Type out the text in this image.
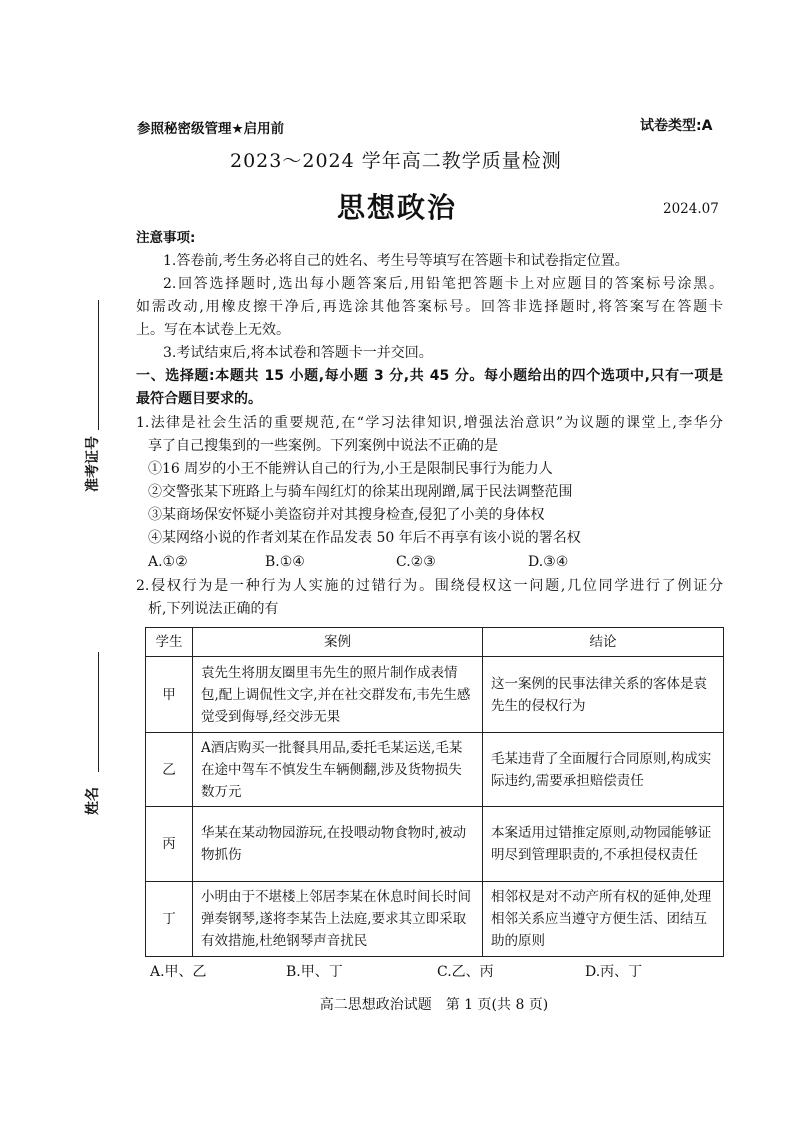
参照秘密级管理★启用前	试卷类型:A
2023～2024 学年高二教学质量检测
思想政治	2024.07
准考证号
姓名
注意事项:
1.答卷前,考生务必将自己的姓名、考生号等填写在答题卡和试卷指定位置。
2.回答选择题时,选出每小题答案后,用铅笔把答题卡上对应题目的答案标号涂黑。
如需改动,用橡皮擦干净后,再选涂其他答案标号。回答非选择题时,将答案写在答题卡
上。写在本试卷上无效。
3.考试结束后,将本试卷和答题卡一并交回。
一、选择题:本题共 15 小题,每小题 3 分,共 45 分。每小题给出的四个选项中,只有一项是
最符合题目要求的。
1.法律是社会生活的重要规范,在“学习法律知识,增强法治意识”为议题的课堂上,李华分
享了自己搜集到的一些案例。下列案例中说法不正确的是
①16 周岁的小王不能辨认自己的行为,小王是限制民事行为能力人
②交警张某下班路上与骑车闯红灯的徐某出现剐蹭,属于民法调整范围
③某商场保安怀疑小美盗窃并对其搜身检查,侵犯了小美的身体权
④某网络小说的作者刘某在作品发表 50 年后不再享有该小说的署名权
A.①②	B.①④	C.②③	D.③④
2.侵权行为是一种行为人实施的过错行为。围绕侵权这一问题,几位同学进行了例证分
析,下列说法正确的有
学生	案例	结论
甲	袁先生将朋友圈里韦先生的照片制作成表情包,配上调侃性文字,并在社交群发布,韦先生感觉受到侮辱,经交涉无果	这一案例的民事法律关系的客体是袁先生的侵权行为
乙	A酒店购买一批餐具用品,委托毛某运送,毛某在途中驾车不慎发生车辆侧翻,涉及货物损失数万元	毛某违背了全面履行合同原则,构成实际违约,需要承担赔偿责任
丙	华某在某动物园游玩,在投喂动物食物时,被动物抓伤	本案适用过错推定原则,动物园能够证明尽到管理职责的,不承担侵权责任
丁	小明由于不堪楼上邻居李某在休息时间长时间弹奏钢琴,遂将李某告上法庭,要求其立即采取有效措施,杜绝钢琴声音扰民	相邻权是对不动产所有权的延伸,处理相邻关系应当遵守方便生活、团结互助的原则
A.甲、乙	B.甲、丁	C.乙、丙	D.丙、丁
高二思想政治试题　第 1 页(共 8 页)
